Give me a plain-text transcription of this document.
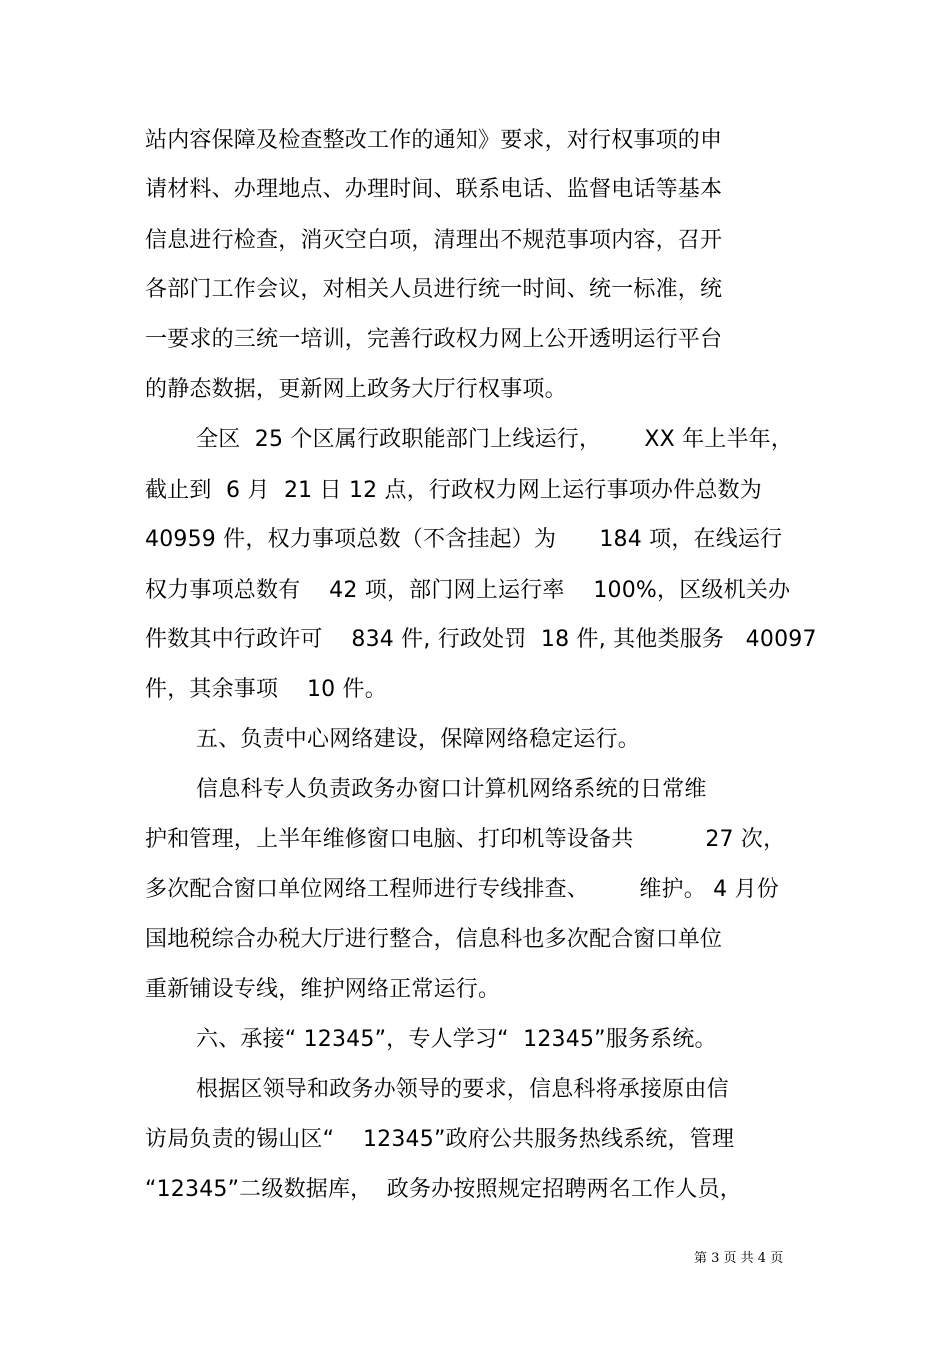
站内容保障及检查整改工作的通知》要求，对行权事项的申
请材料、办理地点、办理时间、联系电话、监督电话等基本
信息进行检查，消灭空白项，清理出不规范事项内容，召开
各部门工作会议，对相关人员进行统一时间、统一标准，统
一要求的三统一培训，完善行政权力网上公开透明运行平台
的静态数据，更新网上政务大厅行权事项。
全区  25 个区属行政职能部门上线运行，      XX 年上半年，
截止到  6 月  21 日 12 点，行政权力网上运行事项办件总数为
40959 件，权力事项总数（不含挂起）为      184 项，在线运行
权力事项总数有    42 项，部门网上运行率    100%，区级机关办
件数其中行政许可    834 件, 行政处罚  18 件, 其他类服务   40097
件，其余事项    10 件。
五、负责中心网络建设，保障网络稳定运行。
信息科专人负责政务办窗口计算机网络系统的日常维
护和管理，上半年维修窗口电脑、打印机等设备共          27 次，
多次配合窗口单位网络工程师进行专线排查、       维护。 4 月份
国地税综合办税大厅进行整合，信息科也多次配合窗口单位
重新铺设专线，维护网络正常运行。
六、承接“ 12345”，专人学习“  12345”服务系统。
根据区领导和政务办领导的要求，信息科将承接原由信
访局负责的锡山区“    12345”政府公共服务热线系统，管理
“12345”二级数据库，  政务办按照规定招聘两名工作人员，
第 3 页 共 4 页
